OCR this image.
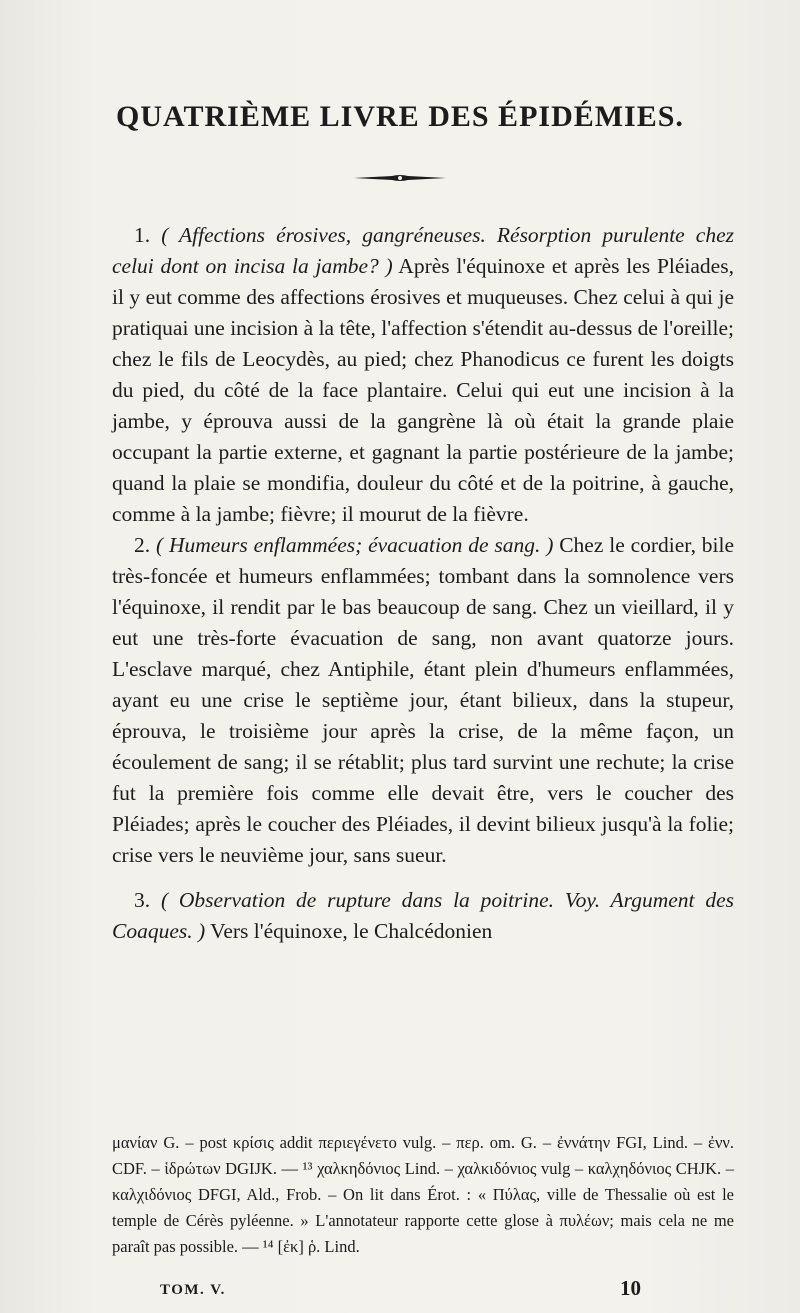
QUATRIÈME LIVRE DES ÉPIDÉMIES.

1. ( Affections érosives, gangréneuses. Résorption purulente chez celui dont on incisa la jambe? ) Après l'équinoxe et après les Pléiades, il y eut comme des affections érosives et muqueuses. Chez celui à qui je pratiquai une incision à la tête, l'affection s'étendit au-dessus de l'oreille; chez le fils de Leocydès, au pied; chez Phanodicus ce furent les doigts du pied, du côté de la face plantaire. Celui qui eut une incision à la jambe, y éprouva aussi de la gangrène là où était la grande plaie occupant la partie externe, et gagnant la partie postérieure de la jambe; quand la plaie se mondifia, douleur du côté et de la poitrine, à gauche, comme à la jambe; fièvre; il mourut de la fièvre.

2. ( Humeurs enflammées; évacuation de sang. ) Chez le cordier, bile très-foncée et humeurs enflammées; tombant dans la somnolence vers l'équinoxe, il rendit par le bas beaucoup de sang. Chez un vieillard, il y eut une très-forte évacuation de sang, non avant quatorze jours. L'esclave marqué, chez Antiphile, étant plein d'humeurs enflammées, ayant eu une crise le septième jour, étant bilieux, dans la stupeur, éprouva, le troisième jour après la crise, de la même façon, un écoulement de sang; il se rétablit; plus tard survint une rechute; la crise fut la première fois comme elle devait être, vers le coucher des Pléiades; après le coucher des Pléiades, il devint bilieux jusqu'à la folie; crise vers le neuvième jour, sans sueur.

3. ( Observation de rupture dans la poitrine. Voy. Argument des Coaques. ) Vers l'équinoxe, le Chalcédonien

μανίαν G. – post κρίσις addit περιεγένετο vulg. – περ. om. G. – ἐννάτην FGI, Lind. – ἐνν. CDF. – ἱδρώτων DGIJK. — ¹³ χαλκηδόνιος Lind. – χαλκιδόνιος vulg – καλχηδόνιος CHJK. – καλχιδόνιος DFGI, Ald., Frob. – On lit dans Érot. : « Πύλας, ville de Thessalie où est le temple de Cérès pyléenne. » L'annotateur rapporte cette glose à πυλέων; mais cela ne me paraît pas possible. — ¹⁴ [ἐκ] ῥ. Lind.

TOM. V.	10
